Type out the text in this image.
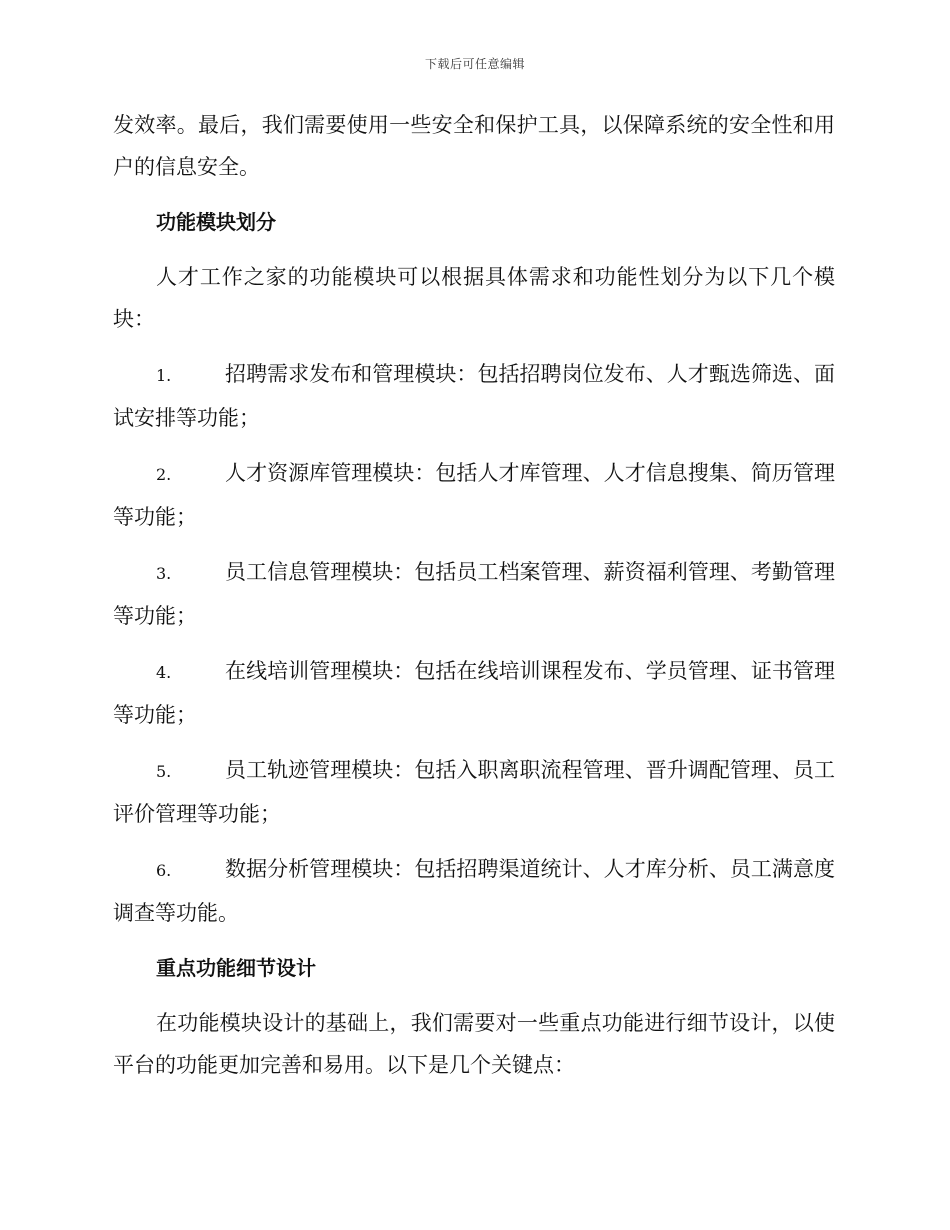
下载后可任意编辑

发效率。最后，我们需要使用一些安全和保护工具，以保障系统的安全性和用户的信息安全。

功能模块划分

人才工作之家的功能模块可以根据具体需求和功能性划分为以下几个模块：

1.	招聘需求发布和管理模块：包括招聘岗位发布、人才甄选筛选、面试安排等功能；

2.	人才资源库管理模块：包括人才库管理、人才信息搜集、简历管理等功能；

3.	员工信息管理模块：包括员工档案管理、薪资福利管理、考勤管理等功能；

4.	在线培训管理模块：包括在线培训课程发布、学员管理、证书管理等功能；

5.	员工轨迹管理模块：包括入职离职流程管理、晋升调配管理、员工评价管理等功能；

6.	数据分析管理模块：包括招聘渠道统计、人才库分析、员工满意度调查等功能。

重点功能细节设计

在功能模块设计的基础上，我们需要对一些重点功能进行细节设计，以使平台的功能更加完善和易用。以下是几个关键点：
